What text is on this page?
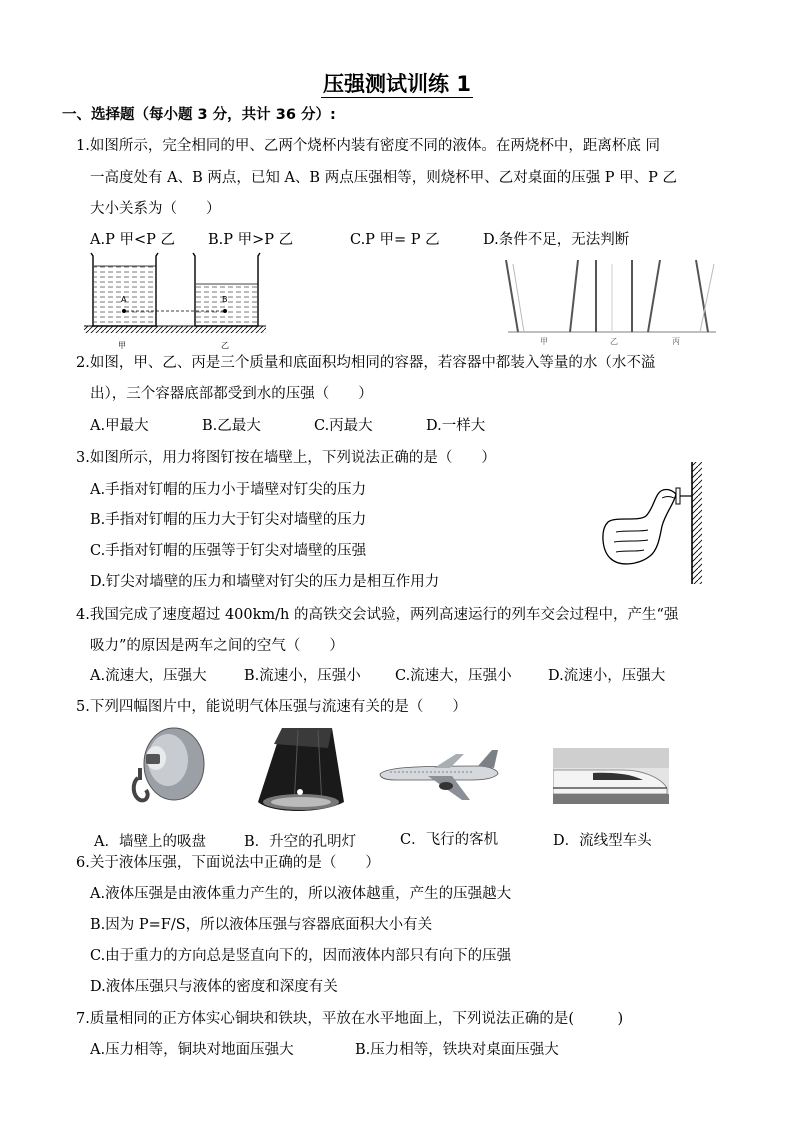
压强测试训练 1
一、选择题（每小题 3 分，共计 36 分）:
1.如图所示，完全相同的甲、乙两个烧杯内装有密度不同的液体。在两烧杯中，距离杯底 同
一高度处有 A、B 两点，已知 A、B 两点压强相等，则烧杯甲、乙对桌面的压强 P 甲、P 乙
大小关系为（　　）
A.P 甲<P 乙 B.P 甲>P 乙	C.P 甲= P 乙	D.条件不足，无法判断
A	B
甲	乙	甲	乙	丙
2.如图，甲、乙、丙是三个质量和底面积均相同的容器，若容器中都装入等量的水（水不溢
出），三个容器底部都受到水的压强（　　）
A.甲最大	B.乙最大	C.丙最大	D.一样大
3.如图所示，用力将图钉按在墙壁上，下列说法正确的是（　　）
A.手指对钉帽的压力小于墙壁对钉尖的压力
B.手指对钉帽的压力大于钉尖对墙壁的压力
C.手指对钉帽的压强等于钉尖对墙壁的压强
D.钉尖对墙壁的压力和墙壁对钉尖的压力是相互作用力
4.我国完成了速度超过 400km/h 的高铁交会试验，两列高速运行的列车交会过程中，产生“强
吸力”的原因是两车之间的空气（　　）
A.流速大，压强大	B.流速小，压强小 C.流速大，压强小	D.流速小，压强大
5.下列四幅图片中，能说明气体压强与流速有关的是（　　）
A．墙壁上的吸盘	B．升空的孔明灯	C．飞行的客机	D．流线型车头
6.关于液体压强，下面说法中正确的是（　　）
A.液体压强是由液体重力产生的，所以液体越重，产生的压强越大
B.因为 P=F/S，所以液体压强与容器底面积大小有关
C.由于重力的方向总是竖直向下的，因而液体内部只有向下的压强
D.液体压强只与液体的密度和深度有关
7.质量相同的正方体实心铜块和铁块，平放在水平地面上，下列说法正确的是(　　　)
A.压力相等，铜块对地面压强大	B.压力相等，铁块对桌面压强大
